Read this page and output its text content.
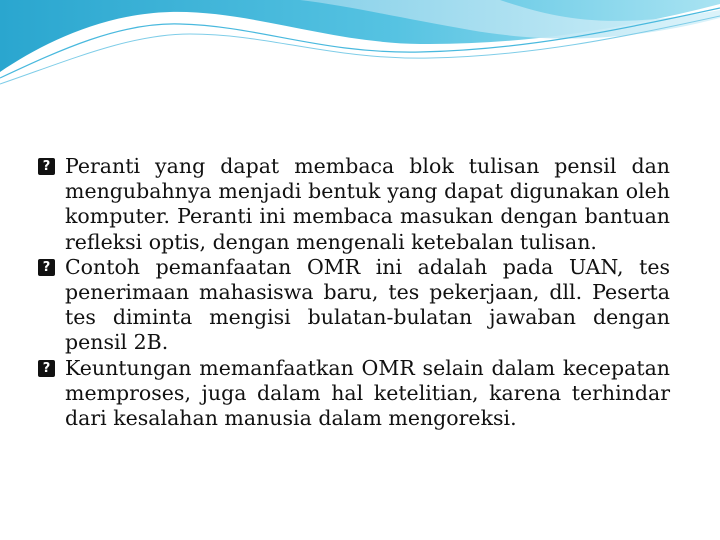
? Peranti yang dapat membaca blok tulisan pensil dan mengubahnya menjadi bentuk yang dapat digunakan oleh komputer. Peranti ini membaca masukan dengan bantuan refleksi optis, dengan mengenali ketebalan tulisan.

? Contoh pemanfaatan OMR ini adalah pada UAN, tes penerimaan mahasiswa baru, tes pekerjaan, dll. Peserta tes diminta mengisi bulatan-bulatan jawaban dengan pensil 2B.

? Keuntungan memanfaatkan OMR selain dalam kecepatan memproses, juga dalam hal ketelitian, karena terhindar dari kesalahan manusia dalam mengoreksi.
